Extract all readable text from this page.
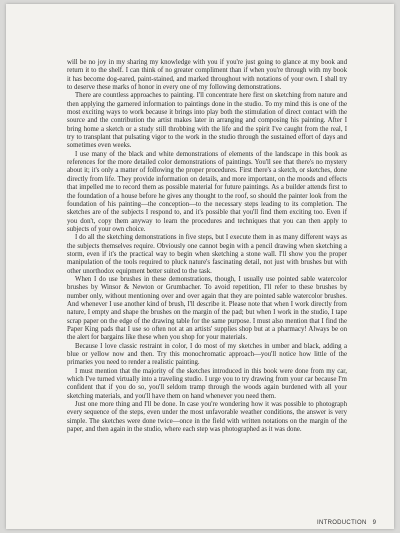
will be no joy in my sharing my knowledge with you if you're just going to glance at my book and return it to the shelf. I can think of no greater compliment than if when you're through with my book it has become dog-eared, paint-stained, and marked throughout with notations of your own. I shall try to deserve these marks of honor in every one of my following demonstrations.

There are countless approaches to painting. I'll concentrate here first on sketching from nature and then applying the garnered information to paintings done in the studio. To my mind this is one of the most exciting ways to work because it brings into play both the stimulation of direct contact with the source and the contribution the artist makes later in arranging and composing his painting. After I bring home a sketch or a study still throbbing with the life and the spirit I've caught from the real, I try to transplant that pulsating vigor to the work in the studio through the sustained effort of days and sometimes even weeks.

I use many of the black and white demonstrations of elements of the landscape in this book as references for the more detailed color demonstrations of paintings. You'll see that there's no mystery about it; it's only a matter of following the proper procedures. First there's a sketch, or sketches, done directly from life. They provide information on details, and more important, on the moods and effects that impelled me to record them as possible material for future paintings. As a builder attends first to the foundation of a house before he gives any thought to the roof, so should the painter look from the foundation of his painting—the conception—to the necessary steps leading to its completion. The sketches are of the subjects I respond to, and it's possible that you'll find them exciting too. Even if you don't, copy them anyway to learn the procedures and techniques that you can then apply to subjects of your own choice.

I do all the sketching demonstrations in five steps, but I execute them in as many different ways as the subjects themselves require. Obviously one cannot begin with a pencil drawing when sketching a storm, even if it's the practical way to begin when sketching a stone wall. I'll show you the proper manipulation of the tools required to pluck nature's fascinating detail, not just with brushes but with other unorthodox equipment better suited to the task.

When I do use brushes in these demonstrations, though, I usually use pointed sable watercolor brushes by Winsor & Newton or Grumbacher. To avoid repetition, I'll refer to these brushes by number only, without mentioning over and over again that they are pointed sable watercolor brushes. And whenever I use another kind of brush, I'll describe it. Please note that when I work directly from nature, I empty and shape the brushes on the margin of the pad; but when I work in the studio, I tape scrap paper on the edge of the drawing table for the same purpose. I must also mention that I find the Paper King pads that I use so often not at an artists' supplies shop but at a pharmacy! Always be on the alert for bargains like these when you shop for your materials.

Because I love classic restraint in color, I do most of my sketches in umber and black, adding a blue or yellow now and then. Try this monochromatic approach—you'll notice how little of the primaries you need to render a realistic painting.

I must mention that the majority of the sketches introduced in this book were done from my car, which I've turned virtually into a traveling studio. I urge you to try drawing from your car because I'm confident that if you do so, you'll seldom tramp through the woods again burdened with all your sketching materials, and you'll have them on hand whenever you need them.

Just one more thing and I'll be done. In case you're wondering how it was possible to photograph every sequence of the steps, even under the most unfavorable weather conditions, the answer is very simple. The sketches were done twice—once in the field with written notations on the margin of the paper, and then again in the studio, where each step was photographed as it was done.

INTRODUCTION 9
